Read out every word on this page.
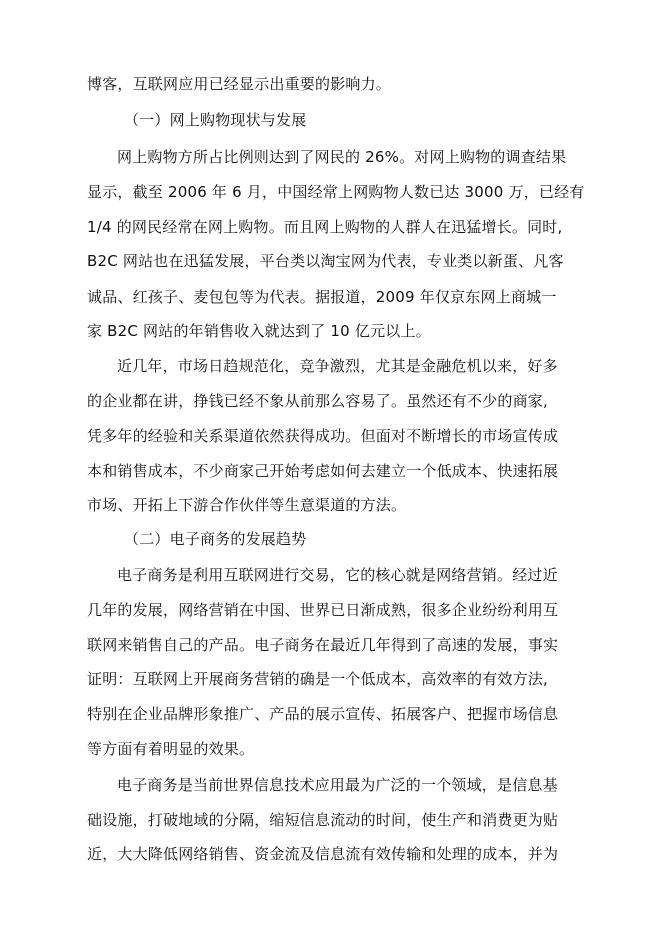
博客，互联网应用已经显示出重要的影响力。
（一）网上购物现状与发展
网上购物方所占比例则达到了网民的 26%。对网上购物的调查结果
显示，截至 2006 年 6 月，中国经常上网购物人数已达 3000 万，已经有
1/4 的网民经常在网上购物。而且网上购物的人群人在迅猛增长。同时,
B2C 网站也在迅猛发展，平台类以淘宝网为代表，专业类以新蛋、凡客
诚品、红孩子、麦包包等为代表。据报道，2009 年仅京东网上商城一
家 B2C 网站的年销售收入就达到了 10 亿元以上。
近几年，市场日趋规范化，竞争激烈，尤其是金融危机以来，好多
的企业都在讲，挣钱已经不象从前那么容易了。虽然还有不少的商家,
凭多年的经验和关系渠道依然获得成功。但面对不断增长的市场宣传成
本和销售成本，不少商家己开始考虑如何去建立一个低成本、快速拓展
市场、开拓上下游合作伙伴等生意渠道的方法。
（二）电子商务的发展趋势
电子商务是利用互联网进行交易，它的核心就是网络营销。经过近
几年的发展，网络营销在中国、世界已日渐成熟，很多企业纷纷利用互
联网来销售自己的产品。电子商务在最近几年得到了高速的发展，事实
证明：互联网上开展商务营销的确是一个低成本，高效率的有效方法,
特别在企业品牌形象推广、产品的展示宣传、拓展客户、把握市场信息
等方面有着明显的效果。
电子商务是当前世界信息技术应用最为广泛的一个领域，是信息基
础设施，打破地域的分隔，缩短信息流动的时间，使生产和消费更为贴
近，大大降低网络销售、资金流及信息流有效传输和处理的成本，并为
